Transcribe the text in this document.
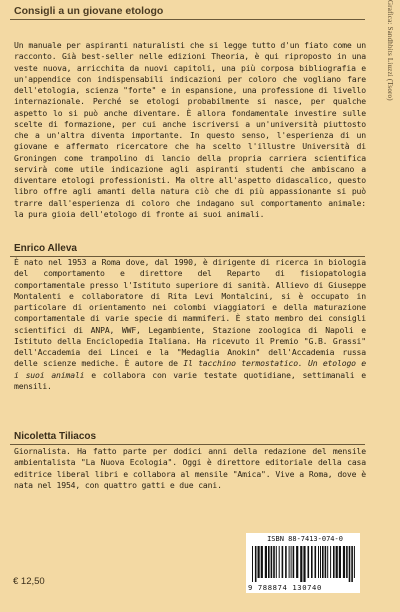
Consigli a un giovane etologo	Grafica: Sandhbits Liuzzi (Tsoro)
Un manuale per aspiranti naturalisti che si legge tutto d'un fiato come un racconto. Già best-seller nelle edizioni Theoria, è qui riproposto in una veste nuova, arricchita da nuovi capitoli, una più corposa bibliografia e un'appendice con indispensabili indicazioni per coloro che vogliano fare dell'etologia, scienza "forte" e in espansione, una professione di livello internazionale. Perché se etologi probabilmente si nasce, per qualche aspetto lo si può anche diventare. È allora fondamentale investire sulle scelte di formazione, per cui anche iscriversi a un'università piuttosto che a un'altra diventa importante. In questo senso, l'esperienza di un giovane e affermato ricercatore che ha scelto l'illustre Università di Groningen come trampolino di lancio della propria carriera scientifica servirà come utile indicazione agli aspiranti studenti che ambiscano a diventare etologi professionisti. Ma oltre all'aspetto didascalico, questo libro offre agli amanti della natura ciò che di più appassionante si può trarre dall'esperienza di coloro che indagano sul comportamento animale: la pura gioia dell'etologo di fronte ai suoi animali.
Enrico Alleva
È nato nel 1953 a Roma dove, dal 1990, è dirigente di ricerca in biologia del comportamento e direttore del Reparto di fisiopatologia comportamentale presso l'Istituto superiore di sanità. Allievo di Giuseppe Montalenti e collaboratore di Rita Levi Montalcini, si è occupato in particolare di orientamento nei colombi viaggiatori e della maturazione comportamentale di varie specie di mammiferi. È stato membro dei consigli scientifici di ANPA, WWF, Legambiente, Stazione zoologica di Napoli e Istituto della Enciclopedia Italiana. Ha ricevuto il Premio "G.B. Grassi" dell'Accademia dei Lincei e la "Medaglia Anokin" dell'Accademia russa delle scienze mediche. È autore de Il tacchino termostatico. Un etologo e i suoi animali e collabora con varie testate quotidiane, settimanali e mensili.
Nicoletta Tiliacos
Giornalista. Ha fatto parte per dodici anni della redazione del mensile ambientalista "La Nuova Ecologia". Oggi è direttore editoriale della casa editrice liberal libri e collabora al mensile "Amica". Vive a Roma, dove è nata nel 1954, con quattro gatti e due cani.
ISBN 88-7413-074-0
9 788874 130740
€ 12,50
